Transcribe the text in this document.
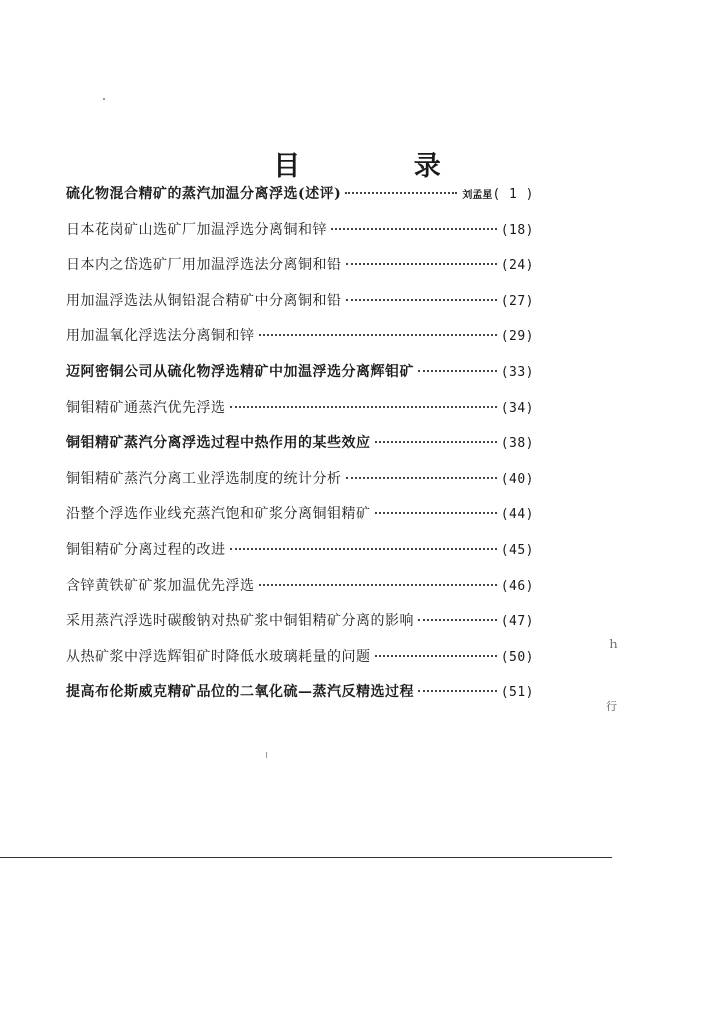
目 录
硫化物混合精矿的蒸汽加温分离浮选(述评)	刘孟星 ( 1 )
日本花岗矿山选矿厂加温浮选分离铜和锌	(18)
日本内之岱选矿厂用加温浮选法分离铜和铅	(24)
用加温浮选法从铜铅混合精矿中分离铜和铅	(27)
用加温氧化浮选法分离铜和锌	(29)
迈阿密铜公司从硫化物浮选精矿中加温浮选分离辉钼矿	(33)
铜钼精矿通蒸汽优先浮选	(34)
铜钼精矿蒸汽分离浮选过程中热作用的某些效应	(38)
铜钼精矿蒸汽分离工业浮选制度的统计分析	(40)
沿整个浮选作业线充蒸汽饱和矿浆分离铜钼精矿	(44)
铜钼精矿分离过程的改进	(45)
含锌黄铁矿矿浆加温优先浮选	(46)
采用蒸汽浮选时碳酸钠对热矿浆中铜钼精矿分离的影响	(47)
从热矿浆中浮选辉钼矿时降低水玻璃耗量的问题	(50)
提高布伦斯威克精矿品位的二氧化硫—蒸汽反精选过程	(51)
ｈ
行
